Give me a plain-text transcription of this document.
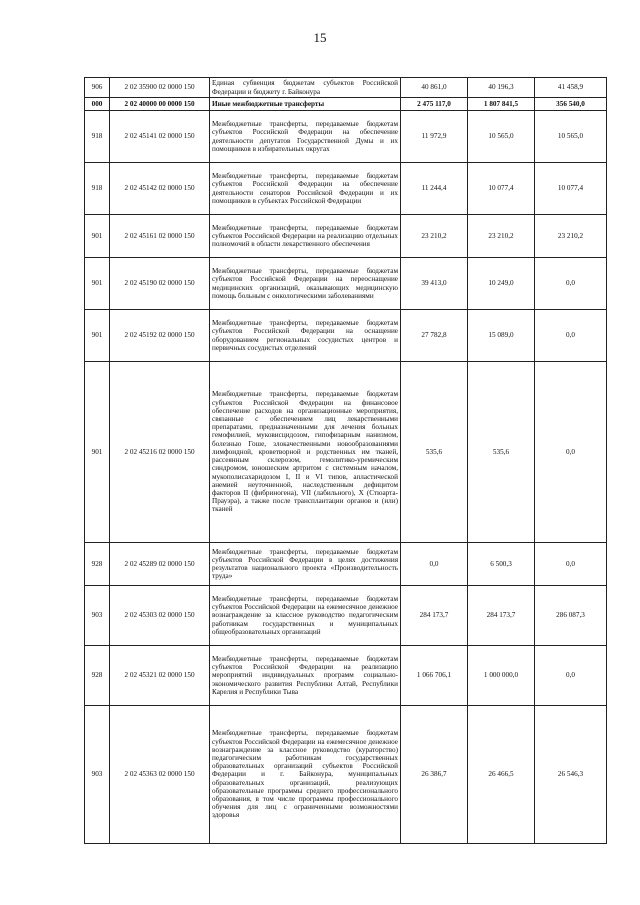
15
906	2 02 35900 02 0000 150	Единая субвенция бюджетам субъектов Российской Федерации и бюджету г. Байконура	40 861,0	40 196,3	41 458,9
000	2 02 40000 00 0000 150	Иные межбюджетные трансферты	2 475 117,0	1 807 841,5	356 540,0
918	2 02 45141 02 0000 150	Межбюджетные трансферты, передаваемые бюджетам субъектов Российской Федерации на обеспечение деятельности депутатов Государственной Думы и их помощников в избирательных округах	11 972,9	10 565,0	10 565,0
918	2 02 45142 02 0000 150	Межбюджетные трансферты, передаваемые бюджетам субъектов Российской Федерации на обеспечение деятельности сенаторов Российской Федерации и их помощников в субъектах Российской Федерации	11 244,4	10 077,4	10 077,4
901	2 02 45161 02 0000 150	Межбюджетные трансферты, передаваемые бюджетам субъектов Российской Федерации на реализацию отдельных полномочий в области лекарственного обеспечения	23 210,2	23 210,2	23 210,2
901	2 02 45190 02 0000 150	Межбюджетные трансферты, передаваемые бюджетам субъектов Российской Федерации на переоснащение медицинских организаций, оказывающих медицинскую помощь больным с онкологическими заболеваниями	39 413,0	10 249,0	0,0
901	2 02 45192 02 0000 150	Межбюджетные трансферты, передаваемые бюджетам субъектов Российской Федерации на оснащение оборудованием региональных сосудистых центров и первичных сосудистых отделений	27 782,8	15 089,0	0,0
901	2 02 45216 02 0000 150	Межбюджетные трансферты, передаваемые бюджетам субъектов Российской Федерации на финансовое обеспечение расходов на организационные мероприятия, связанные с обеспечением лиц лекарственными препаратами, предназначенными для лечения больных гемофилией, муковисцидозом, гипофизарным нанизмом, болезнью Гоше, злокачественными новообразованиями лимфоидной, кроветворной и родственных им тканей, рассеянным склерозом, гемолитико-уремическим синдромом, юношеским артритом с системным началом, мукополисахаридозом I, II и VI типов, апластической анемией неуточненной, наследственным дефицитом факторов II (фибриногена), VII (лабильного), X (Стюарта-Прауэра), а также после трансплантации органов и (или) тканей	535,6	535,6	0,0
928	2 02 45289 02 0000 150	Межбюджетные трансферты, передаваемые бюджетам субъектов Российской Федерации в целях достижения результатов национального проекта «Производительность труда»	0,0	6 500,3	0,0
903	2 02 45303 02 0000 150	Межбюджетные трансферты, передаваемые бюджетам субъектов Российской Федерации на ежемесячное денежное вознаграждение за классное руководство педагогическим работникам государственных и муниципальных общеобразовательных организаций	284 173,7	284 173,7	286 087,3
928	2 02 45321 02 0000 150	Межбюджетные трансферты, передаваемые бюджетам субъектов Российской Федерации на реализацию мероприятий индивидуальных программ социально-экономического развития Республики Алтай, Республики Карелия и Республики Тыва	1 066 706,1	1 000 000,0	0,0
903	2 02 45363 02 0000 150	Межбюджетные трансферты, передаваемые бюджетам субъектов Российской Федерации на ежемесячное денежное вознаграждение за классное руководство (кураторство) педагогическим работникам государственных образовательных организаций субъектов Российской Федерации и г. Байконура, муниципальных образовательных организаций, реализующих образовательные программы среднего профессионального образования, в том числе программы профессионального обучения для лиц с ограниченными возможностями здоровья	26 386,7	26 466,5	26 546,3
